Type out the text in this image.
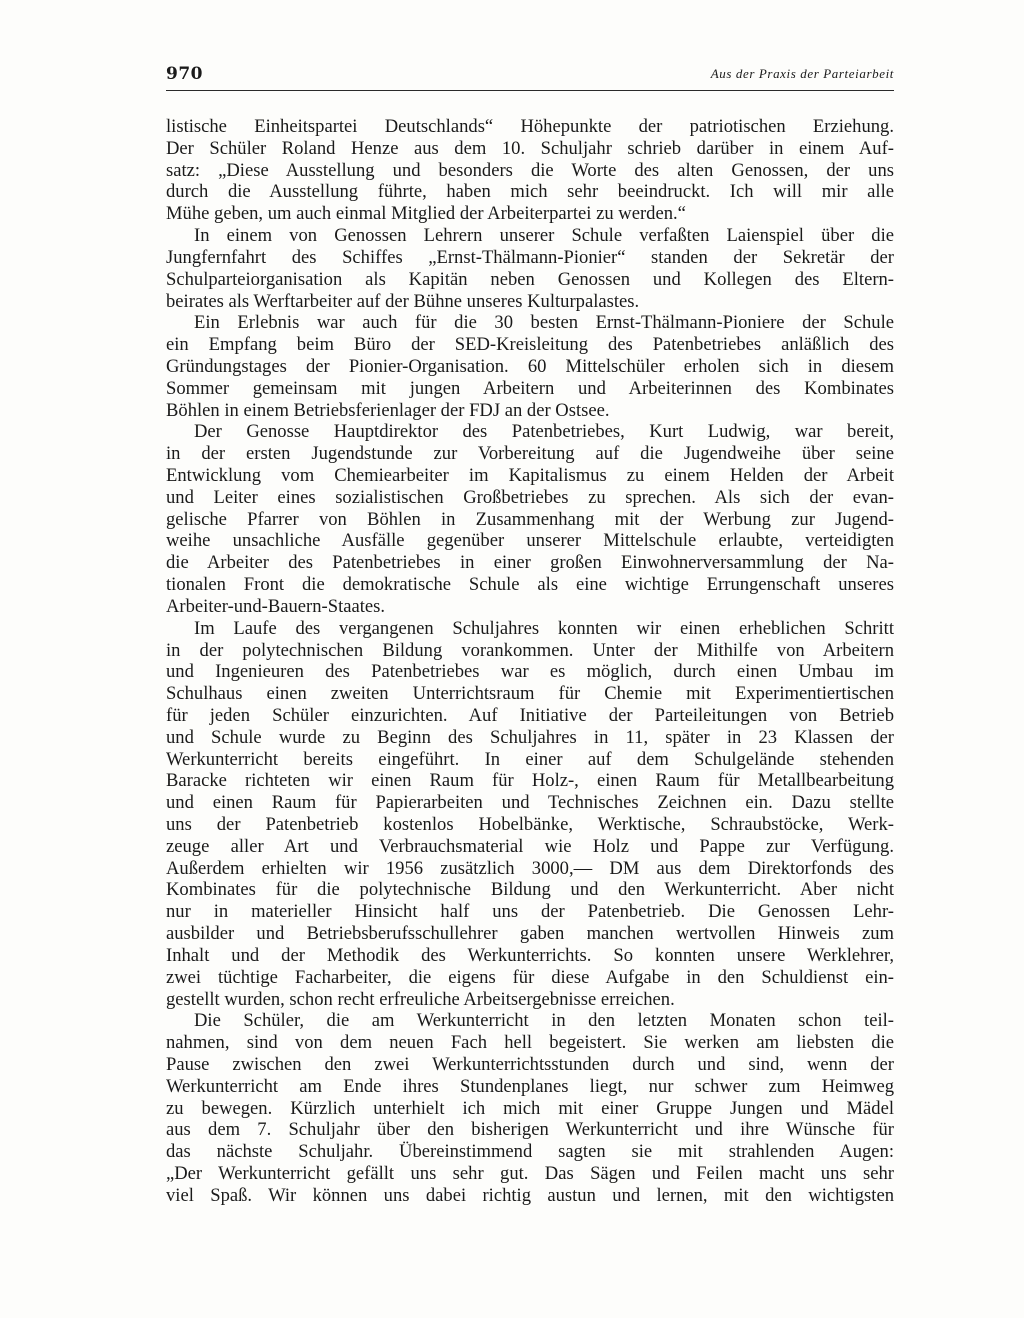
970	Aus der Praxis der Parteiarbeit

listische Einheitspartei Deutschlands“ Höhepunkte der patriotischen Erziehung.
Der Schüler Roland Henze aus dem 10. Schuljahr schrieb darüber in einem Auf-
satz: „Diese Ausstellung und besonders die Worte des alten Genossen, der uns
durch die Ausstellung führte, haben mich sehr beeindruckt. Ich will mir alle
Mühe geben, um auch einmal Mitglied der Arbeiterpartei zu werden.“

In einem von Genossen Lehrern unserer Schule verfaßten Laienspiel über die
Jungfernfahrt des Schiffes „Ernst-Thälmann-Pionier“ standen der Sekretär der
Schulparteiorganisation als Kapitän neben Genossen und Kollegen des Eltern-
beirates als Werftarbeiter auf der Bühne unseres Kulturpalastes.

Ein Erlebnis war auch für die 30 besten Ernst-Thälmann-Pioniere der Schule
ein Empfang beim Büro der SED-Kreisleitung des Patenbetriebes anläßlich des
Gründungstages der Pionier-Organisation. 60 Mittelschüler erholen sich in diesem
Sommer gemeinsam mit jungen Arbeitern und Arbeiterinnen des Kombinates
Böhlen in einem Betriebsferienlager der FDJ an der Ostsee.

Der Genosse Hauptdirektor des Patenbetriebes, Kurt Ludwig, war bereit,
in der ersten Jugendstunde zur Vorbereitung auf die Jugendweihe über seine
Entwicklung vom Chemiearbeiter im Kapitalismus zu einem Helden der Arbeit
und Leiter eines sozialistischen Großbetriebes zu sprechen. Als sich der evan-
gelische Pfarrer von Böhlen in Zusammenhang mit der Werbung zur Jugend-
weihe unsachliche Ausfälle gegenüber unserer Mittelschule erlaubte, verteidigten
die Arbeiter des Patenbetriebes in einer großen Einwohnerversammlung der Na-
tionalen Front die demokratische Schule als eine wichtige Errungenschaft unseres
Arbeiter-und-Bauern-Staates.

Im Laufe des vergangenen Schuljahres konnten wir einen erheblichen Schritt
in der polytechnischen Bildung vorankommen. Unter der Mithilfe von Arbeitern
und Ingenieuren des Patenbetriebes war es möglich, durch einen Umbau im
Schulhaus einen zweiten Unterrichtsraum für Chemie mit Experimentiertischen
für jeden Schüler einzurichten. Auf Initiative der Parteileitungen von Betrieb
und Schule wurde zu Beginn des Schuljahres in 11, später in 23 Klassen der
Werkunterricht bereits eingeführt. In einer auf dem Schulgelände stehenden
Baracke richteten wir einen Raum für Holz-, einen Raum für Metallbearbeitung
und einen Raum für Papierarbeiten und Technisches Zeichnen ein. Dazu stellte
uns der Patenbetrieb kostenlos Hobelbänke, Werktische, Schraubstöcke, Werk-
zeuge aller Art und Verbrauchsmaterial wie Holz und Pappe zur Verfügung.
Außerdem erhielten wir 1956 zusätzlich 3000,— DM aus dem Direktorfonds des
Kombinates für die polytechnische Bildung und den Werkunterricht. Aber nicht
nur in materieller Hinsicht half uns der Patenbetrieb. Die Genossen Lehr-
ausbilder und Betriebsberufsschullehrer gaben manchen wertvollen Hinweis zum
Inhalt und der Methodik des Werkunterrichts. So konnten unsere Werklehrer,
zwei tüchtige Facharbeiter, die eigens für diese Aufgabe in den Schuldienst ein-
gestellt wurden, schon recht erfreuliche Arbeitsergebnisse erreichen.

Die Schüler, die am Werkunterricht in den letzten Monaten schon teil-
nahmen, sind von dem neuen Fach hell begeistert. Sie werken am liebsten die
Pause zwischen den zwei Werkunterrichtsstunden durch und sind, wenn der
Werkunterricht am Ende ihres Stundenplanes liegt, nur schwer zum Heimweg
zu bewegen. Kürzlich unterhielt ich mich mit einer Gruppe Jungen und Mädel
aus dem 7. Schuljahr über den bisherigen Werkunterricht und ihre Wünsche für
das nächste Schuljahr. Übereinstimmend sagten sie mit strahlenden Augen:
„Der Werkunterricht gefällt uns sehr gut. Das Sägen und Feilen macht uns sehr
viel Spaß. Wir können uns dabei richtig austun und lernen, mit den wichtigsten
